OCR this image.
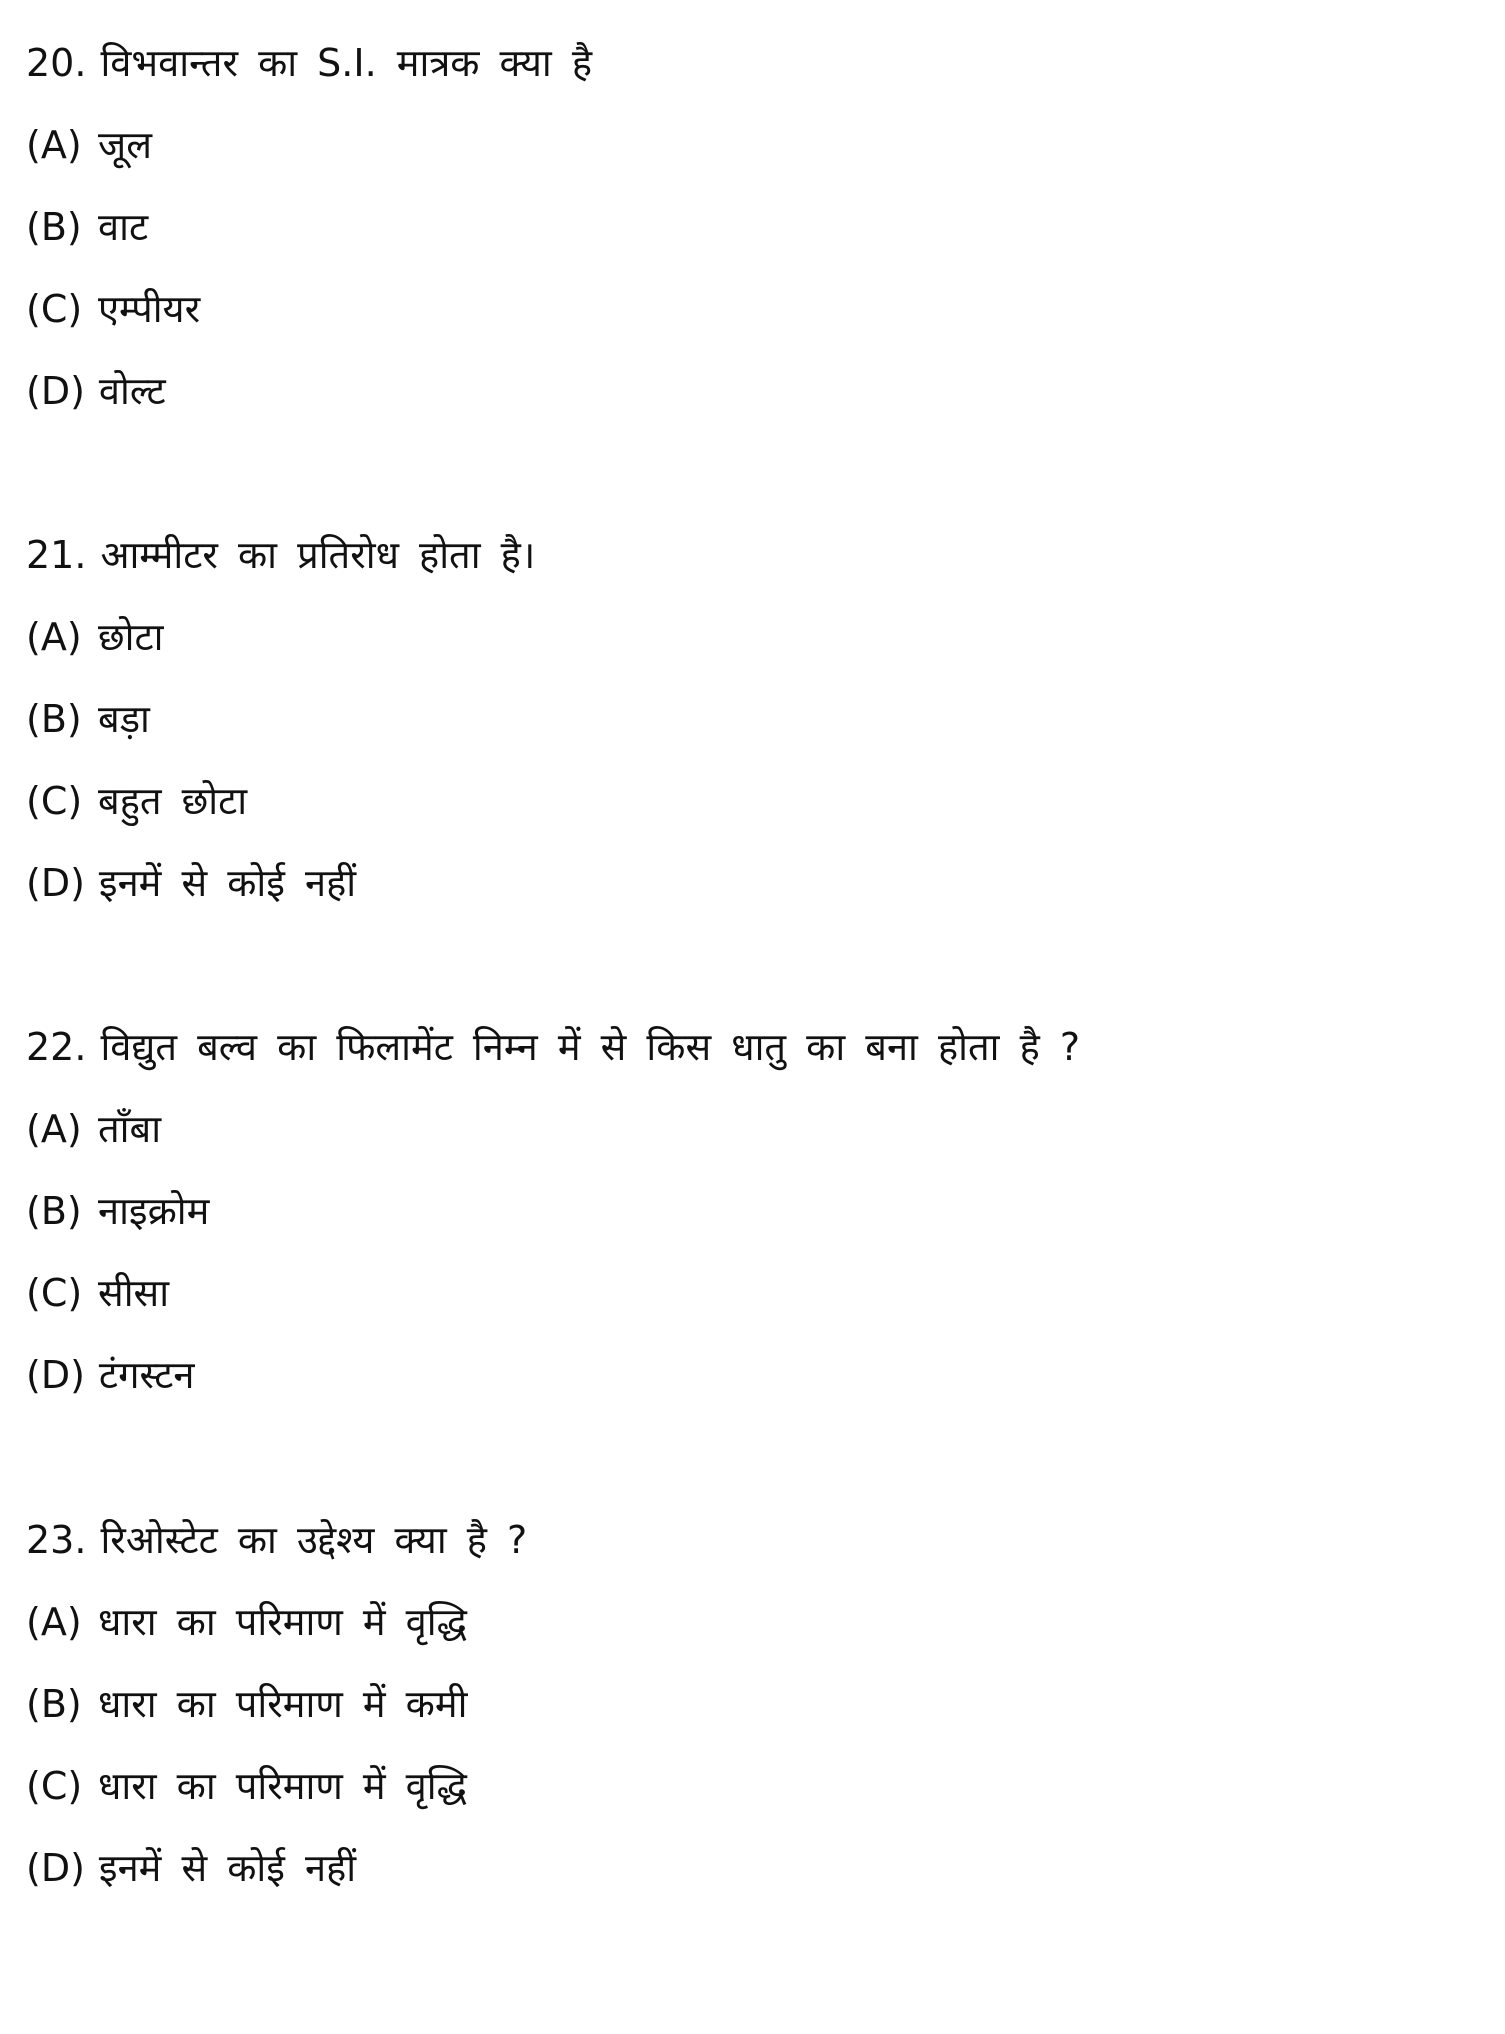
20. विभवान्तर का S.I. मात्रक क्या है
(A) जूल
(B) वाट
(C) एम्पीयर
(D) वोल्ट
21. आम्मीटर का प्रतिरोध होता है।
(A) छोटा
(B) बड़ा
(C) बहुत छोटा
(D) इनमें से कोई नहीं
22. विद्युत बल्व का फिलामेंट निम्न में से किस धातु का बना होता है ?
(A) ताँबा
(B) नाइक्रोम
(C) सीसा
(D) टंगस्टन
23. रिओस्टेट का उद्देश्य क्या है ?
(A) धारा का परिमाण में वृद्धि
(B) धारा का परिमाण में कमी
(C) धारा का परिमाण में वृद्धि
(D) इनमें से कोई नहीं
